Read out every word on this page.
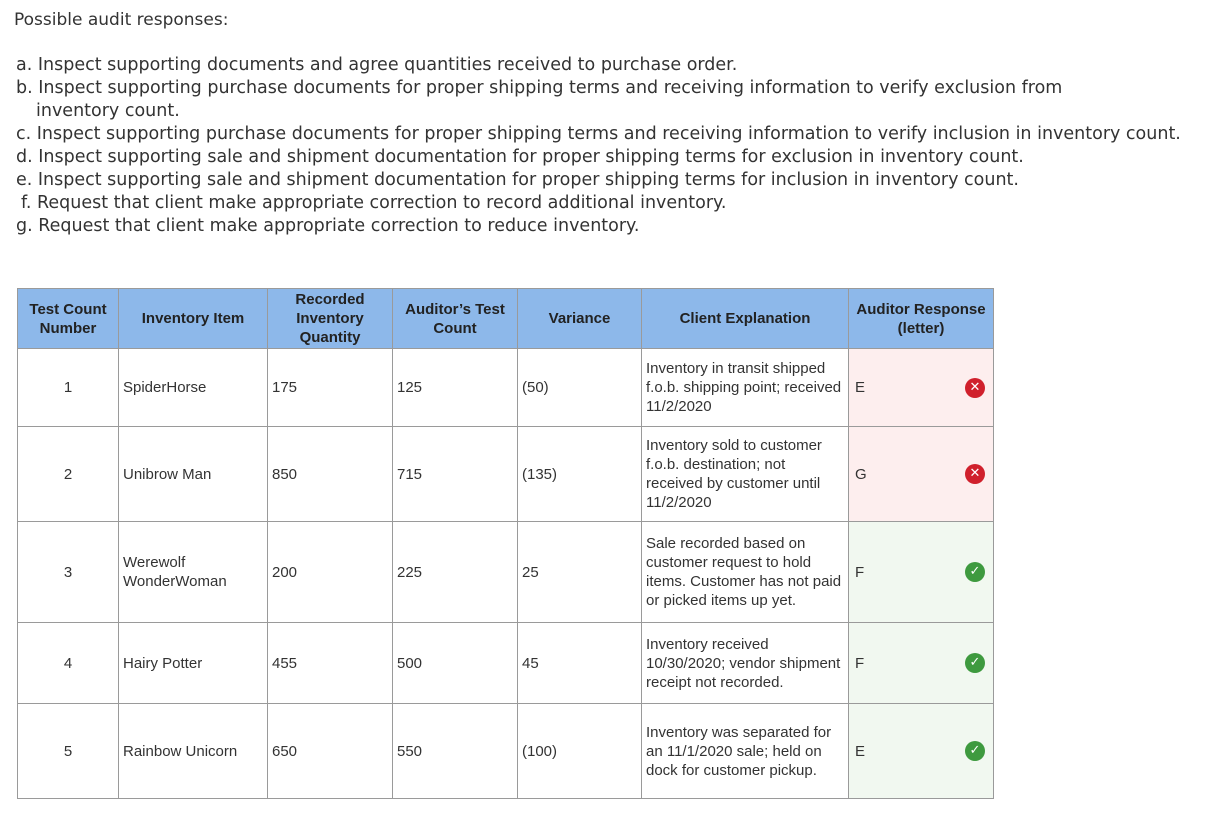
Possible audit responses:

a. Inspect supporting documents and agree quantities received to purchase order.
b. Inspect supporting purchase documents for proper shipping terms and receiving information to verify exclusion from inventory count.
c. Inspect supporting purchase documents for proper shipping terms and receiving information to verify inclusion in inventory count.
d. Inspect supporting sale and shipment documentation for proper shipping terms for exclusion in inventory count.
e. Inspect supporting sale and shipment documentation for proper shipping terms for inclusion in inventory count.
f. Request that client make appropriate correction to record additional inventory.
g. Request that client make appropriate correction to reduce inventory.
Test Count Number	Inventory Item	Recorded Inventory Quantity	Auditor’s Test Count	Variance	Client Explanation	Auditor Response (letter)
1	SpiderHorse	175	125	(50)	Inventory in transit shipped f.o.b. shipping point; received 11/2/2020	E ✕

2	Unibrow Man	850	715	(135)	Inventory sold to customer f.o.b. destination; not received by customer until 11/2/2020	G ✕

3	Werewolf WonderWoman	200	225	25	Sale recorded based on customer request to hold items. Customer has not paid or picked items up yet.	F ✓

4	Hairy Potter	455	500	45	Inventory received 10/30/2020; vendor shipment receipt not recorded.	F ✓

5	Rainbow Unicorn	650	550	(100)	Inventory was separated for an 11/1/2020 sale; held on dock for customer pickup.	E ✓
